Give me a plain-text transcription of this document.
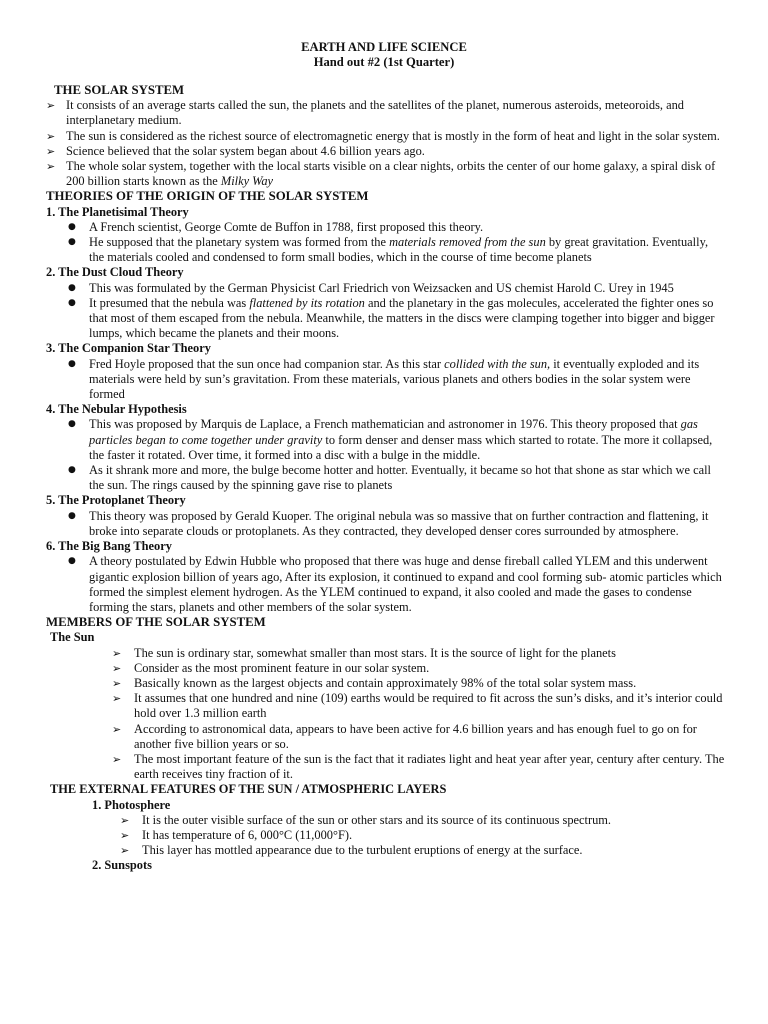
EARTH AND LIFE SCIENCE
Hand out #2 (1st Quarter)

THE SOLAR SYSTEM

➢ It consists of an average starts called the sun, the planets and the satellites of the planet, numerous asteroids, meteoroids, and interplanetary medium.

➢ The sun is considered as the richest source of electromagnetic energy that is mostly in the form of heat and light in the solar system.

➢ Science believed that the solar system began about 4.6 billion years ago.

➢ The whole solar system, together with the local starts visible on a clear nights, orbits the center of our home galaxy, a spiral disk of 200 billion starts known as the Milky Way

THEORIES OF THE ORIGIN OF THE SOLAR SYSTEM

1. The Planetisimal Theory

● A French scientist, George Comte de Buffon in 1788, first proposed this theory.

● He supposed that the planetary system was formed from the materials removed from the sun by great gravitation. Eventually, the materials cooled and condensed to form small bodies, which in the course of time become planets

2. The Dust Cloud Theory

● This was formulated by the German Physicist Carl Friedrich von Weizsacken and US chemist Harold C. Urey in 1945

● It presumed that the nebula was flattened by its rotation and the planetary in the gas molecules, accelerated the fighter ones so that most of them escaped from the nebula. Meanwhile, the matters in the discs were clamping together into bigger and bigger lumps, which became the planets and their moons.

3. The Companion Star Theory

● Fred Hoyle proposed that the sun once had companion star. As this star collided with the sun, it eventually exploded and its materials were held by sun’s gravitation. From these materials, various planets and others bodies in the solar system were formed

4. The Nebular Hypothesis

● This was proposed by Marquis de Laplace, a French mathematician and astronomer in 1976. This theory proposed that gas particles began to come together under gravity to form denser and denser mass which started to rotate. The more it collapsed, the faster it rotated. Over time, it formed into a disc with a bulge in the middle.

● As it shrank more and more, the bulge become hotter and hotter. Eventually, it became so hot that shone as star which we call the sun. The rings caused by the spinning gave rise to planets

5. The Protoplanet Theory

● This theory was proposed by Gerald Kuoper. The original nebula was so massive that on further contraction and flattening, it broke into separate clouds or protoplanets. As they contracted, they developed denser cores surrounded by atmosphere.

6. The Big Bang Theory

● A theory postulated by Edwin Hubble who proposed that there was huge and dense fireball called YLEM and this underwent gigantic explosion billion of years ago, After its explosion, it continued to expand and cool forming sub- atomic particles which formed the simplest element hydrogen. As the YLEM continued to expand, it also cooled and made the gases to condense forming the stars, planets and other members of the solar system.

MEMBERS OF THE SOLAR SYSTEM

The Sun

➢ The sun is ordinary star, somewhat smaller than most stars. It is the source of light for the planets

➢ Consider as the most prominent feature in our solar system.

➢ Basically known as the largest objects and contain approximately 98% of the total solar system mass.

➢ It assumes that one hundred and nine (109) earths would be required to fit across the sun’s disks, and it’s interior could hold over 1.3 million earth

➢ According to astronomical data, appears to have been active for 4.6 billion years and has enough fuel to go on for another five billion years or so.

➢ The most important feature of the sun is the fact that it radiates light and heat year after year, century after century. The earth receives tiny fraction of it.

THE EXTERNAL FEATURES OF THE SUN / ATMOSPHERIC LAYERS

1. Photosphere

➢ It is the outer visible surface of the sun or other stars and its source of its continuous spectrum.

➢ It has temperature of 6, 000°C (11,000°F).

➢ This layer has mottled appearance due to the turbulent eruptions of energy at the surface.

2. Sunspots
